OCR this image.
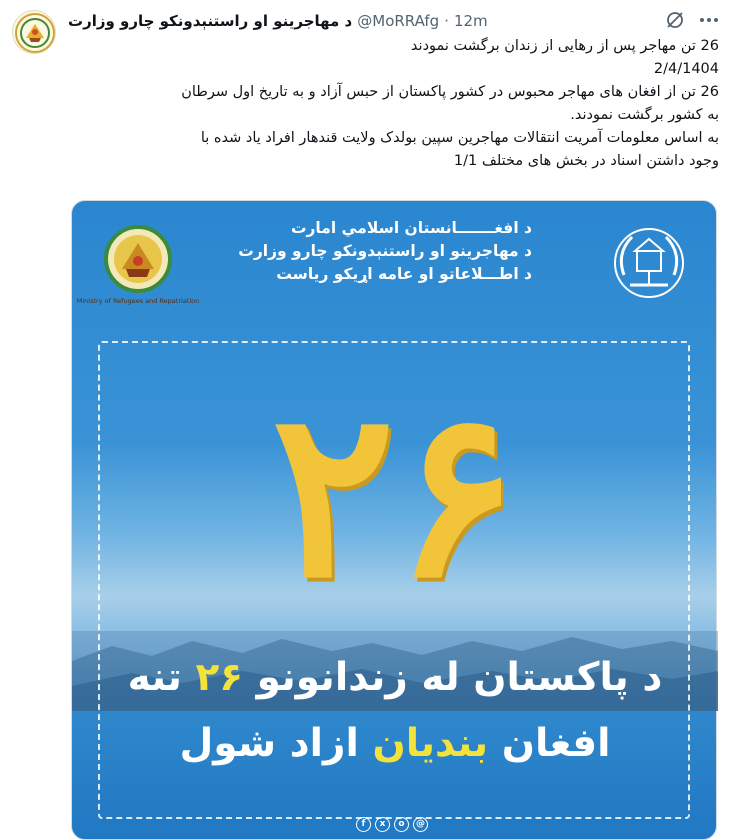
د مهاجرینو او راستنېدونکو چارو وزارت @MoRRAfg · 12m

26 تن مهاجر پس از رهایی از زندان برگشت نمودند

2/4/1404

26 تن از افغان های مهاجر محبوس در کشور پاکستان از حبس آزاد و به تاریخ اول سرطان

به کشور برگشت نمودند.

به اساس معلومات آمریت انتقالات مهاجرین سپین بولدک ولایت قندهار افراد یاد شده با

وجود داشتن اسناد در بخش های مختلف 1/1

Ministry of Refugees and Repatriation
د افغـــــــانستان اسلامي امارت
د مهاجرينو او راستنېدونكو چارو وزارت
د اطـــلاعاتو او عامه اړيكو رياست
۲۶
د پاکستان له زندانونو ۲۶ تنه
افغان بنديان ازاد شول
f	x	o	@
